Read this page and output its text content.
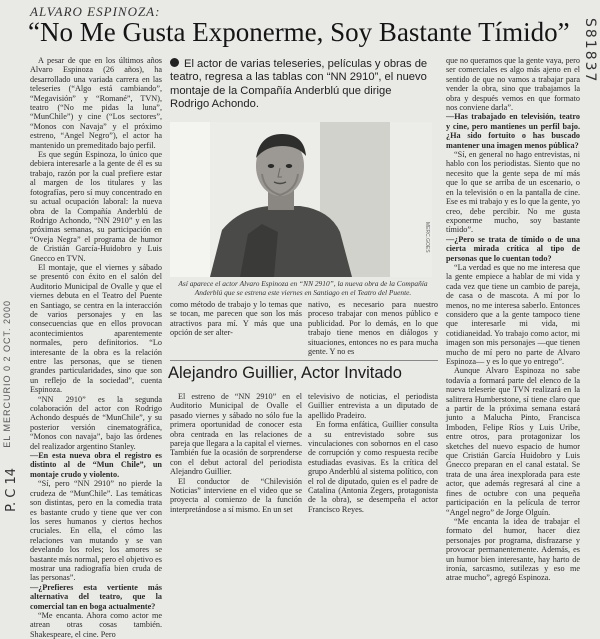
EL MERCURIO 0 2 OCT. 2000
P. C 14
S81837
ALVARO ESPINOZA:
“No Me Gusta Exponerme, Soy Bastante Tímido”

A pesar de que en los últimos años Alvaro Espinoza (26 años), ha desarrollado una variada carrera en las teleseries (“Algo está cambiando”, “Megavisión” y “Romané”, TVN), teatro (“No me pidas la luna”, “MunChile”) y cine (“Los sectores”, “Monos con Navaja” y el próximo estreno, “Angel Negro”), el actor ha mantenido un premeditado bajo perfil.

Es que según Espinoza, lo único que debiera interesarle a la gente de él es su trabajo, razón por la cual prefiere estar al margen de los titulares y las fotografías, pero sí muy concentrado en su actual ocupación laboral: la nueva obra de la Compañía Anderblú de Rodrigo Achondo, “NN 2910” y en las próximas semanas, su participación en “Oveja Negra” el programa de humor de Cristián García-Huidobro y Luis Gnecco en TVN.

El montaje, que el viernes y sábado se presentó con éxito en el salón del Auditorio Municipal de Ovalle y que el viernes debuta en el Teatro del Puente en Santiago, se centra en la interacción de varios personajes y en las consecuencias que en ellos provocan acontecimientos aparentemente normales, pero definitorios. “Lo interesante de la obra es la relación entre las personas, que se tienen grandes particularidades, sino que son un reflejo de la sociedad”, cuenta Espinoza.

“NN 2910” es la segunda colaboración del actor con Rodrigo Achondo después de “MunChile”, y su posterior versión cinematográfica, “Monos con navaja”, bajo las órdenes del realizador argentino Stanley.

—En esta nueva obra el registro es distinto al de “Mun Chile”, un montaje crudo y violento.

“Sí, pero “NN 2910” no pierde la crudeza de “MunChile”. Las temáticas son distintas, pero en la comedia trata es bastante crudo y tiene que ver con los seres humanos y ciertos hechos cruciales. En ella, el cómo las relaciones van mutando y se van develando los roles; los amores se bastante más normal, pero el objetivo es mostrar una radiografía bien cruda de las personas”.

—¿Prefieres esta vertiente más alternativa del teatro, que la comercial tan en boga actualmente?

“Me encanta. Ahora como actor me atrean otras cosas también. Shakespeare, el cine. Pero

El actor de varias teleseries, películas y obras de teatro, regresa a las tablas con “NN 2910”, el nuevo montaje de la Compañía Anderblú que dirige Rodrigo Achondo.
MERC.GOES
Así aparece el actor Alvaro Espinoza en “NN 2910”, la nueva obra de la Compañía Anderblú que se estrena este viernes en Santiago en el Teatro del Puente.

como método de trabajo y lo temas que se tocan, me parecen que son los más atractivos para mí. Y más que una opción de ser alter-

nativo, es necesario para nuestro proceso trabajar con menos público e publicidad. Por lo demás, en lo que trabajo tiene menos en diálogos y situaciones, entonces no es para mucha gente. Y no es

Alejandro Guillier, Actor Invitado

El estreno de “NN 2910” en el Auditorio Municipal de Ovalle el pasado viernes y sábado no sólo fue la primera oportunidad de conocer esta obra centrada en las relaciones de pareja que llegara a la capital el viernes. También fue la ocasión de sorprenderse con el debut actoral del periodista Alejandro Guillier.

El conductor de “Chilevisión Noticias” interviene en el video que se proyecta al comienzo de la función interpretándose a sí mismo. En un set

televisivo de noticias, el periodista Guillier entrevista a un diputado de apellido Pradeiro.

En forma enfática, Guillier consulta a su entrevistado sobre sus vinculaciones con sobornos en el caso de corrupción y como respuesta recibe estudiadas evasivas. Es la crítica del grupo Anderblú al sistema político, con el rol de diputado, quien es el padre de Catalina (Antonia Zegers, protagonista de la obra), se desempeña el actor Francisco Reyes.

que no queramos que la gente vaya, pero ser comerciales es algo más ajeno en el sentido de que no vamos a trabajar para vender la obra, sino que trabajamos la obra y después vemos en que formato nos conviene darla”.

—Has trabajado en televisión, teatro y cine, pero mantienes un perfil bajo. ¿Ha sido fortuito o has buscado mantener una imagen menos pública?

“Sí, en general no hago entrevistas, ni hablo con los periodistas. Siento que no necesito que la gente sepa de mí más que lo que se arriba de un escenario, o en la televisión o en la pantalla de cine. Ese es mi trabajo y es lo que la gente, yo creo, debe percibir. No me gusta exponerme mucho, soy bastante tímido”.

—¿Pero se trata de tímido o de una cierta mirada crítica al tipo de personas que lo cuentan todo?

“La verdad es que no me interesa que la gente empiece a hablar de mi vida y cada vez que tiene un cambio de pareja, de casa o de mascota. A mí por lo menos, no me interesa saberlo. Entonces considero que a la gente tampoco tiene que interesarle mi vida, mi cotidianeidad. Yo trabajo como actor, mi imagen son mis personajes —que tienen mucho de mí pero no parte de Alvaro Espinoza— y es lo que yo entrego”.

Aunque Alvaro Espinoza no sabe todavía a formará parte del elenco de la nueva teleserie que TVN realizará en la salitrera Humberstone, sí tiene claro que a partir de la próxima semana estará junto a Malucha Pinto, Francisca Imboden, Felipe Ríos y Luis Uribe, entre otros, para protagonizar los sketches del nuevo espacio de humor que Cristián García Huidobro y Luis Gnecco preparan en el canal estatal. Se trata de una área inexplorada para este actor, que además regresará al cine a fines de octubre con una pequeña participación en la película de terror “Angel negro” de Jorge Olguín.

“Me encanta la idea de trabajar el formato del humor, hacer diez personajes por programa, disfrazarse y provocar permanentemente. Además, es un humor bien interesante, hay harto de ironía, sarcasmo, sutilezas y eso me atrae mucho”, agregó Espinoza.
